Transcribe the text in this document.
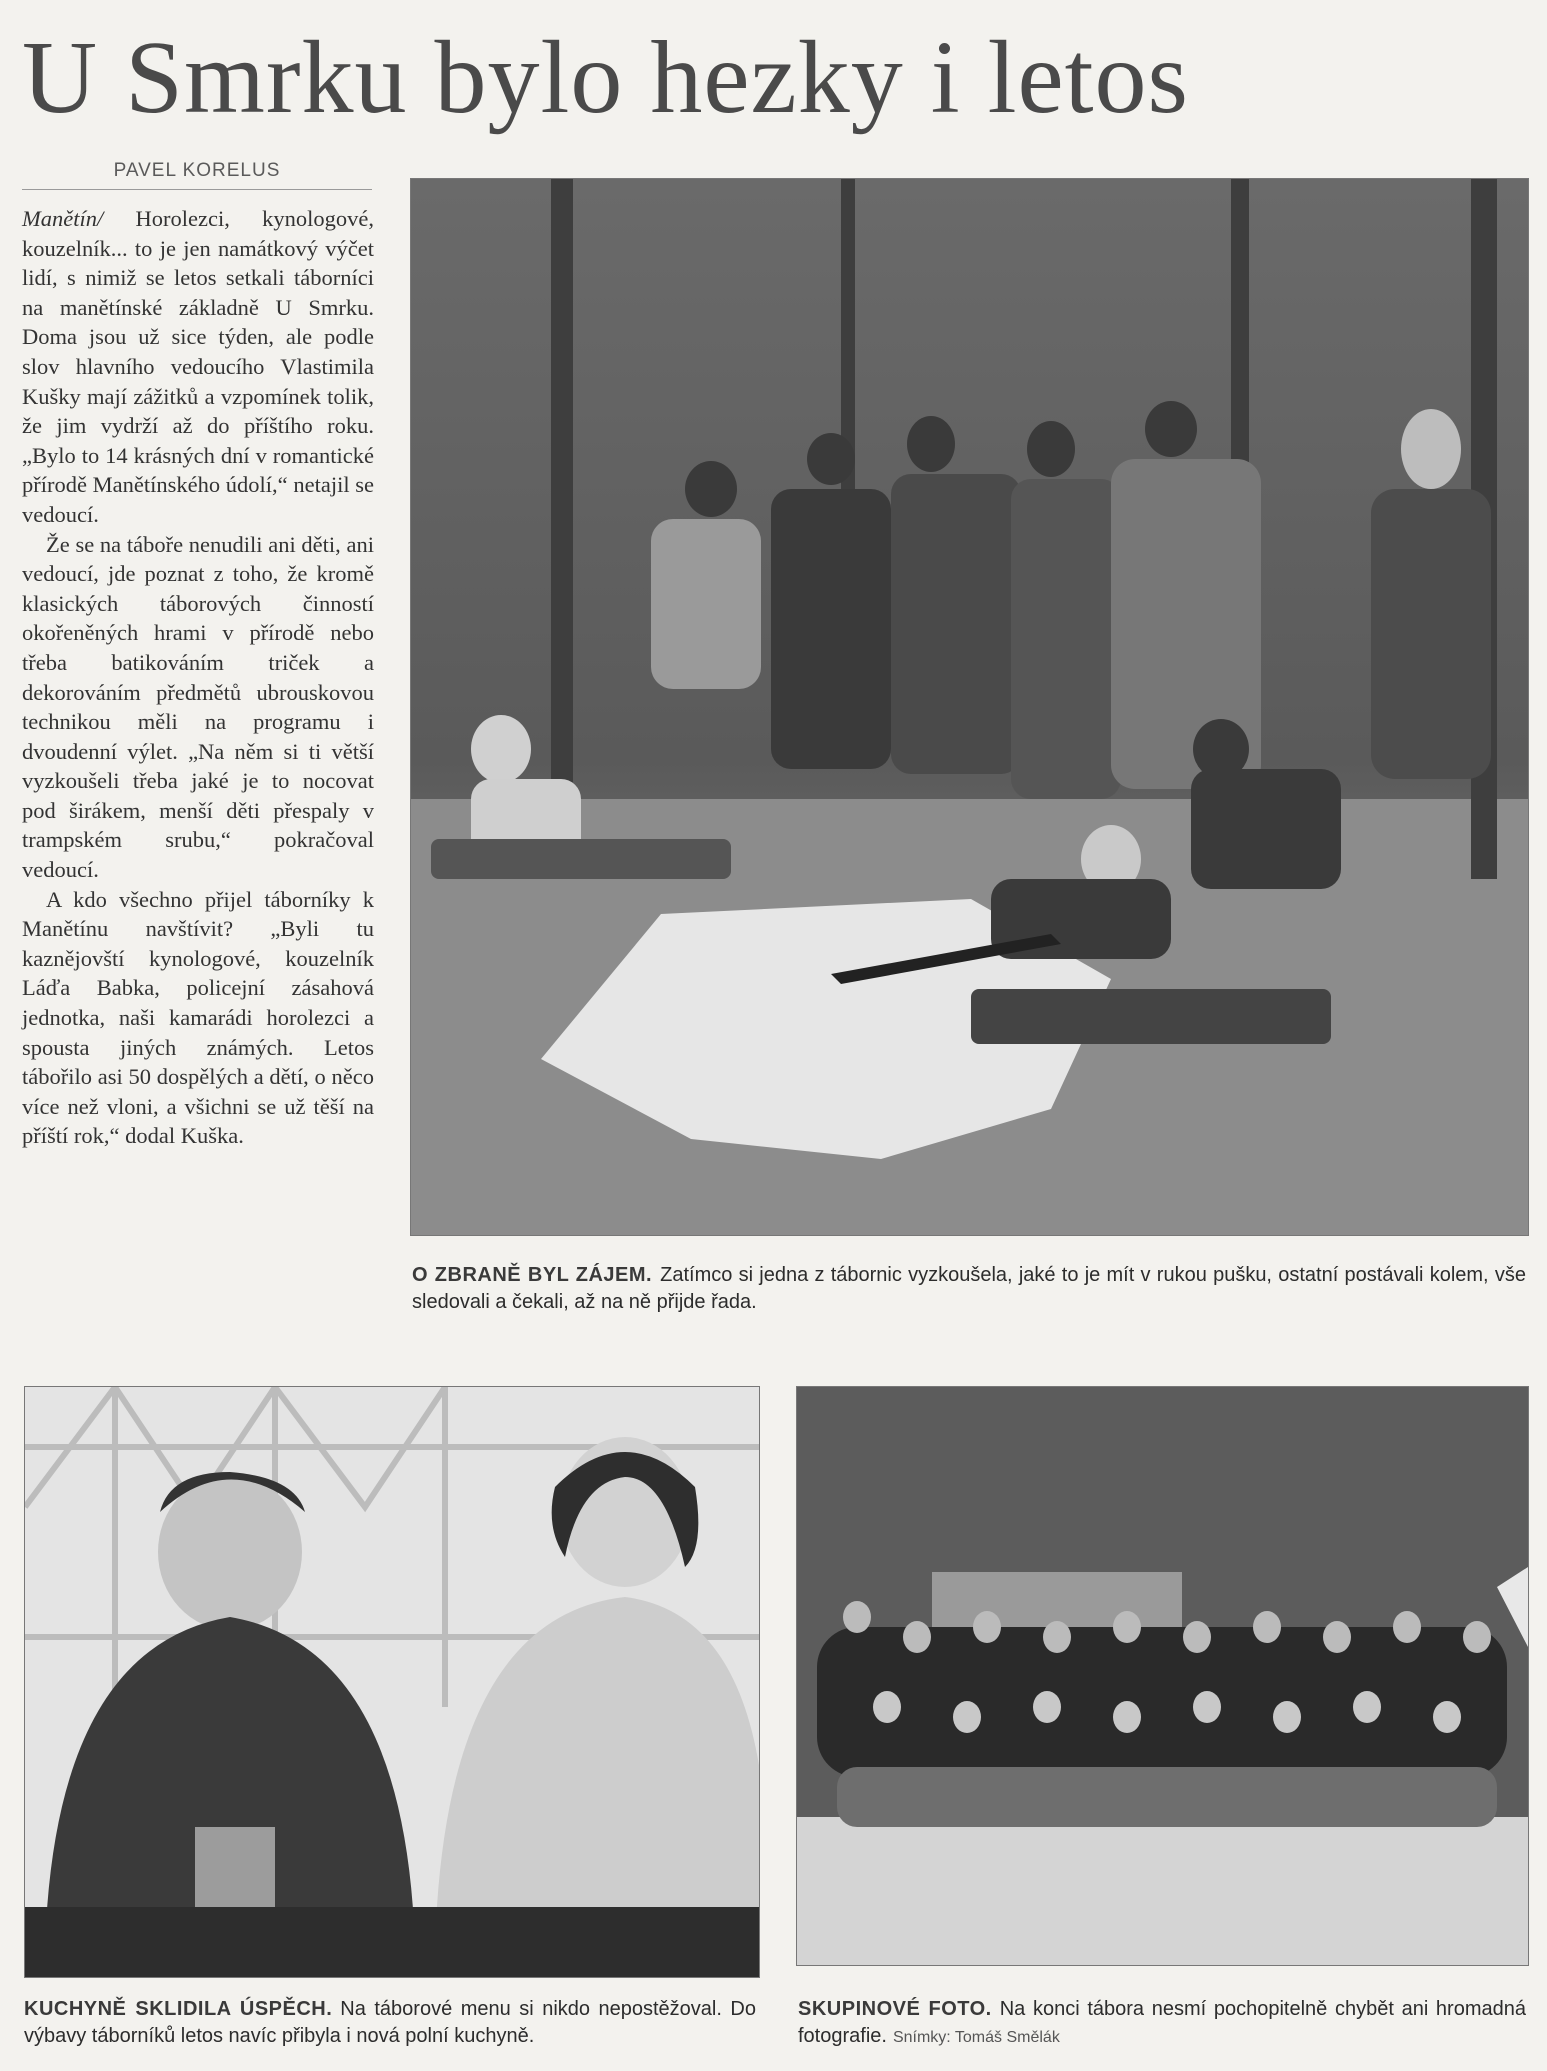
U Smrku bylo hezky i letos
PAVEL KORELUS

Manětín/ Horolezci, kynologové, kouzelník... to je jen namátkový výčet lidí, s nimiž se letos setkali táborníci na manětínské základně U Smrku. Doma jsou už sice týden, ale podle slov hlavního vedoucího Vlastimila Kušky mají zážitků a vzpomínek tolik, že jim vydrží až do příštího roku. „Bylo to 14 krásných dní v romantické přírodě Manětínského údolí,“ netajil se vedoucí.

Že se na táboře nenudili ani děti, ani vedoucí, jde poznat z toho, že kromě klasických táborových činností okořeněných hrami v přírodě nebo třeba batikováním triček a dekorováním předmětů ubrouskovou technikou měli na programu i dvoudenní výlet. „Na něm si ti větší vyzkoušeli třeba jaké je to nocovat pod širákem, menší děti přespaly v trampském srubu,“ pokračoval vedoucí.

A kdo všechno přijel táborníky k Manětínu navštívit? „Byli tu kaznějovští kynologové, kouzelník Láďa Babka, policejní zásahová jednotka, naši kamarádi horolezci a spousta jiných známých. Letos tábořilo asi 50 dospělých a dětí, o něco více než vloni, a všichni se už těší na příští rok,“ dodal Kuška.

O ZBRANĚ BYL ZÁJEM. Zatímco si jedna z tábornic vyzkoušela, jaké to je mít v rukou pušku, ostatní postávali kolem, vše sledovali a čekali, až na ně přijde řada.
KUCHYNĚ SKLIDILA ÚSPĚCH. Na táborové menu si nikdo nepostěžoval. Do výbavy táborníků letos navíc přibyla i nová polní kuchyně.
SKUPINOVÉ FOTO. Na konci tábora nesmí pochopitelně chybět ani hromadná fotografie. Snímky: Tomáš Smělák
